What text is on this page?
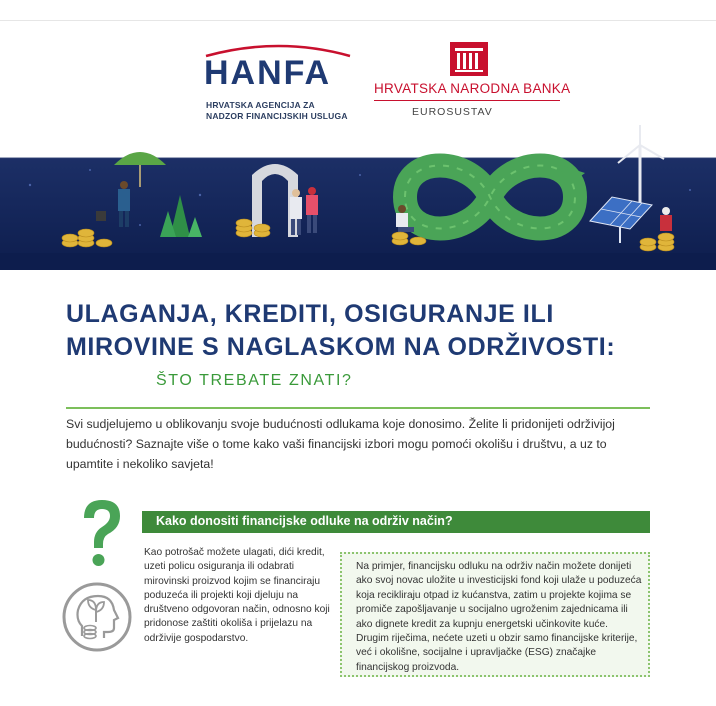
HANFA
HRVATSKA AGENCIJA ZA
NADZOR FINANCIJSKIH USLUGA
HRVATSKA NARODNA BANKA
EUROSUSTAV
ULAGANJA, KREDITI, OSIGURANJE ILI
MIROVINE S NAGLASKOM NA ODRŽIVOSTI:
ŠTO TREBATE ZNATI?

Svi sudjelujemo u oblikovanju svoje budućnosti odlukama koje donosimo. Želite li pridonijeti održivijoj budućnosti? Saznajte više o tome kako vaši financijski izbori mogu pomoći okolišu i društvu, a uz to upamtite i nekoliko savjeta!

Kako donositi financijske odluke na održiv način?

Kao potrošač možete ulagati, dići kredit, uzeti policu osiguranja ili odabrati mirovinski proizvod kojim se financiraju poduzeća ili projekti koji djeluju na društveno odgovoran način, odnosno koji pridonose zaštiti okoliša i prijelazu na održivije gospodarstvo.

Na primjer, financijsku odluku na održiv način možete donijeti ako svoj novac uložite u investicijski fond koji ulaže u poduzeća koja recikliraju otpad iz kućanstva, zatim u projekte kojima se promiče zapošljavanje u socijalno ugroženim zajednicama ili ako dignete kredit za kupnju energetski učinkovite kuće. Drugim riječima, nećete uzeti u obzir samo financijske kriterije, već i okolišne, socijalne i upravljačke (ESG) značajke financijskog proizvoda.
